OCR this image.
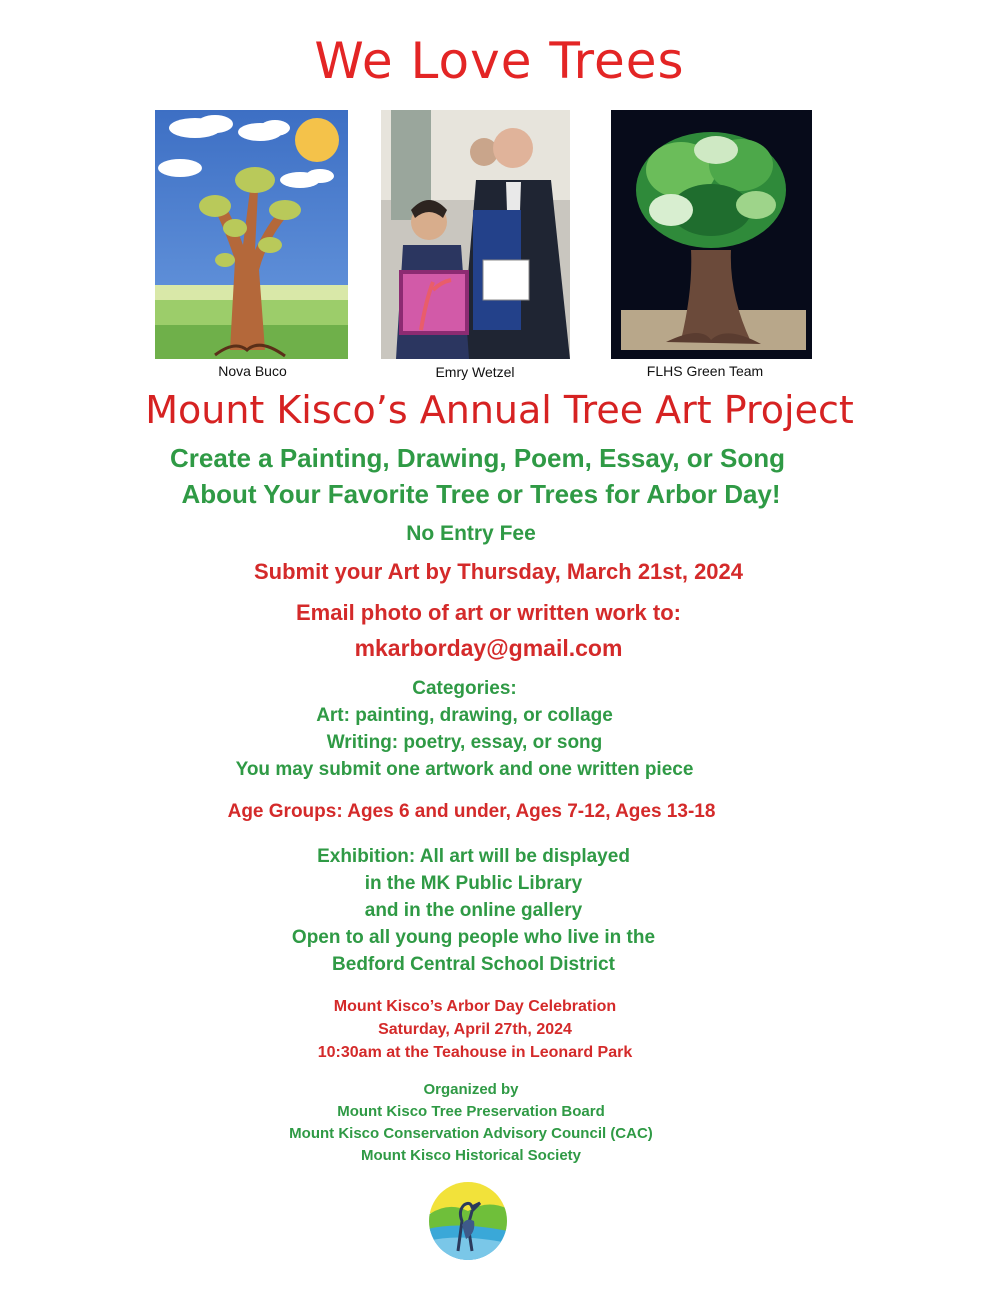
We Love Trees
Nova Buco	Emry Wetzel	FLHS Green Team
Mount Kisco’s Annual Tree Art Project
Create a Painting, Drawing, Poem, Essay, or Song
About Your Favorite Tree or Trees for Arbor Day!
No Entry Fee
Submit your Art by Thursday, March 21st, 2024
Email photo of art or written work to:
mkarborday@gmail.com
Categories:
Art: painting, drawing, or collage
Writing: poetry, essay, or song
You may submit one artwork and one written piece
Age Groups: Ages 6 and under, Ages 7-12, Ages 13-18
Exhibition: All art will be displayed
in the MK Public Library
and in the online gallery
Open to all young people who live in the
Bedford Central School District
Mount Kisco’s Arbor Day Celebration
Saturday, April 27th, 2024
10:30am at the Teahouse in Leonard Park
Organized by
Mount Kisco Tree Preservation Board
Mount Kisco Conservation Advisory Council (CAC)
Mount Kisco Historical Society
